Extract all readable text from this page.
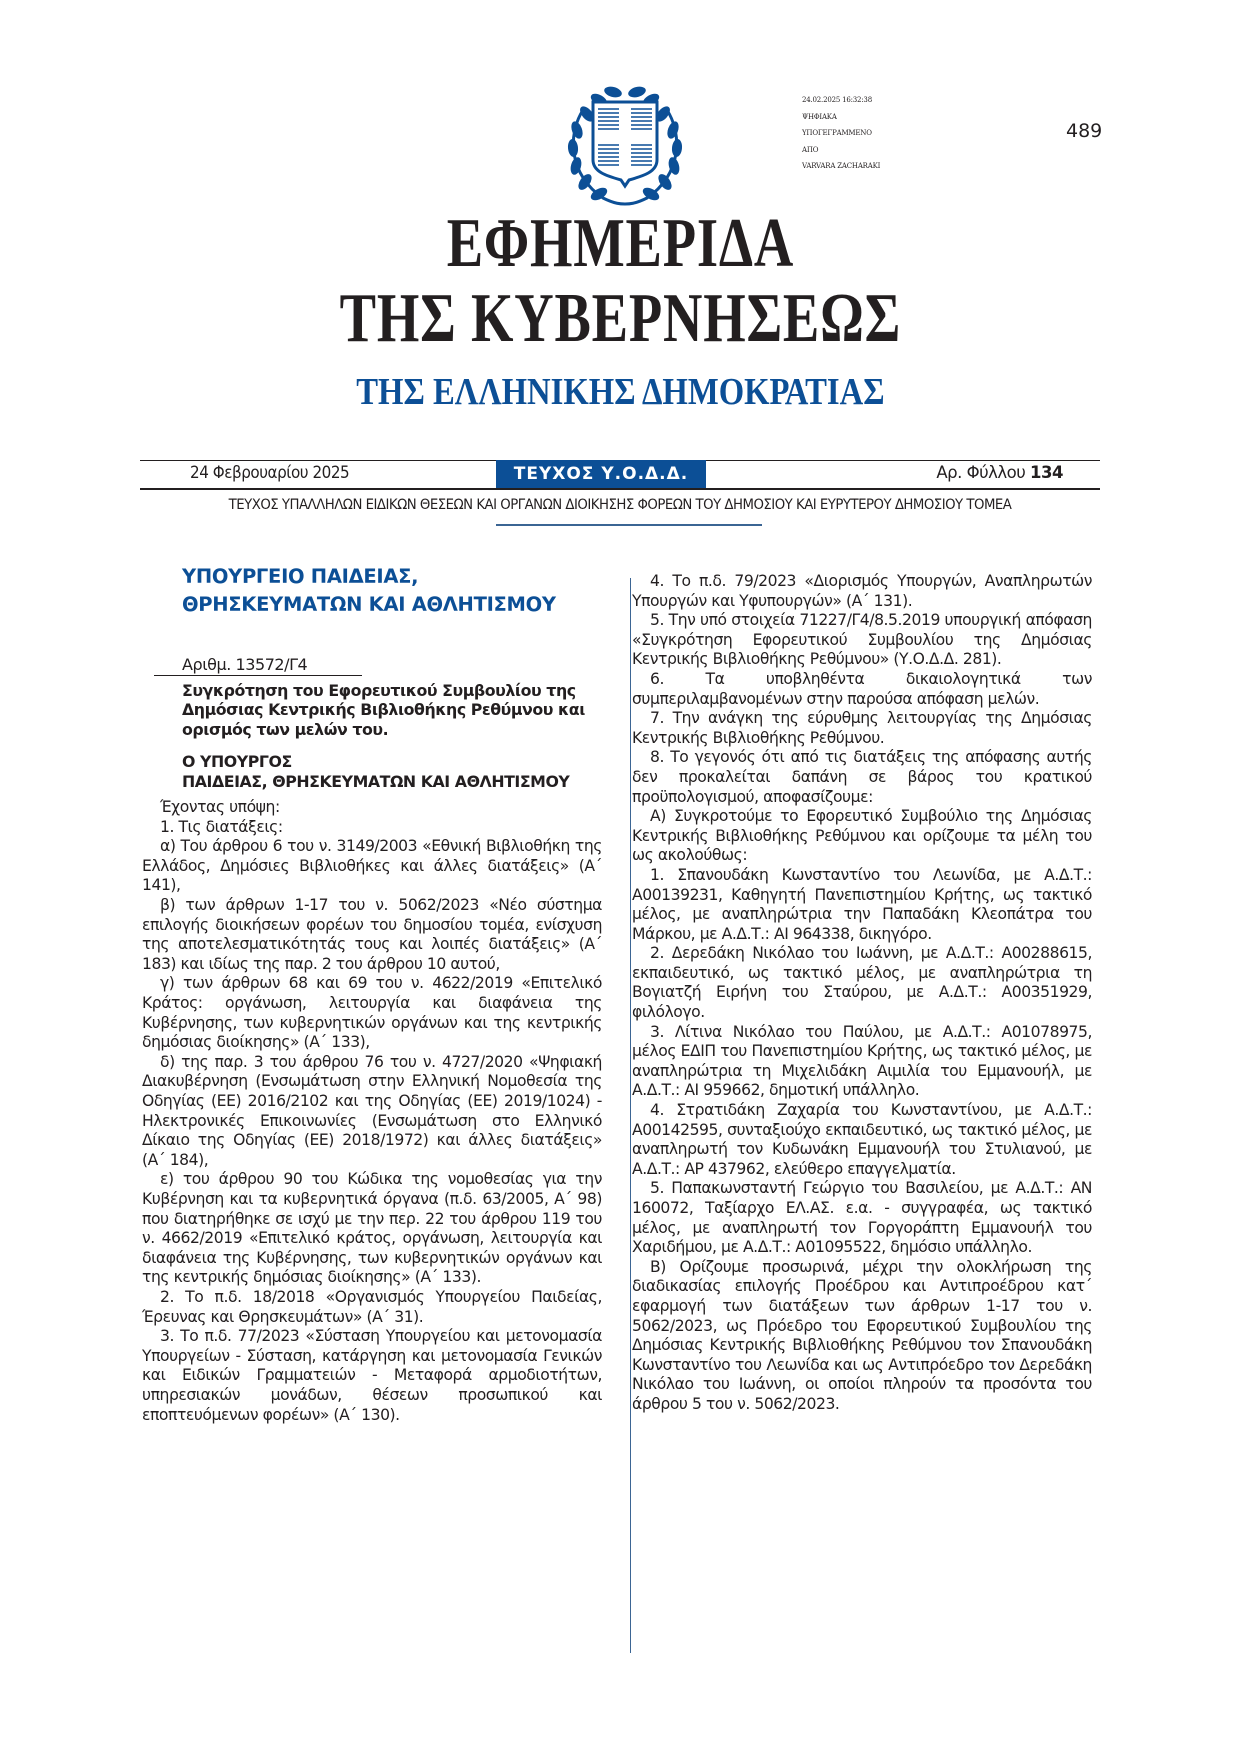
24.02.2025 16:32:38
ΨΗΦΙΑΚΑ
ΥΠΟΓΕΓΡΑΜΜΕΝΟ
ΑΠΟ
VARVARA ZACHARAKI
489
ΕΦΗΜΕΡΙΔΑ
ΤΗΣ ΚΥΒΕΡΝΗΣΕΩΣ
ΤΗΣ ΕΛΛΗΝΙΚΗΣ ΔΗΜΟΚΡΑΤΙΑΣ
24 Φεβρουαρίου 2025	ΤΕΥΧΟΣ Υ.Ο.Δ.Δ.	Αρ. Φύλλου 134
ΤΕΥΧΟΣ ΥΠΑΛΛΗΛΩΝ ΕΙΔΙΚΩΝ ΘΕΣΕΩΝ ΚΑΙ ΟΡΓΑΝΩΝ ΔΙΟΙΚΗΣΗΣ ΦΟΡΕΩΝ ΤΟΥ ΔΗΜΟΣΙΟΥ ΚΑΙ ΕΥΡΥΤΕΡΟΥ ΔΗΜΟΣΙΟΥ ΤΟΜΕΑ
ΥΠΟΥΡΓΕΙΟ ΠΑΙΔΕΙΑΣ,
ΘΡΗΣΚΕΥΜΑΤΩΝ ΚΑΙ ΑΘΛΗΤΙΣΜΟΥ
Αριθμ. 13572/Γ4
Συγκρότηση του Εφορευτικού Συμβουλίου της Δημόσιας Κεντρικής Βιβλιοθήκης Ρεθύμνου και ορισμός των μελών του.
Ο ΥΠΟΥΡΓΟΣ
ΠΑΙΔΕΙΑΣ, ΘΡΗΣΚΕΥΜΑΤΩΝ ΚΑΙ ΑΘΛΗΤΙΣΜΟΥ
Έχοντας υπόψη:
1. Τις διατάξεις:
α) Του άρθρου 6 του ν. 3149/2003 «Εθνική Βιβλιοθήκη της Ελλάδος, Δημόσιες Βιβλιοθήκες και άλλες διατάξεις» (Α΄ 141),
β) των άρθρων 1-17 του ν. 5062/2023 «Νέο σύστημα επιλογής διοικήσεων φορέων του δημοσίου τομέα, ενίσχυση της αποτελεσματικότητάς τους και λοιπές διατάξεις» (Α΄ 183) και ιδίως της παρ. 2 του άρθρου 10 αυτού,
γ) των άρθρων 68 και 69 του ν. 4622/2019 «Επιτελικό Κράτος: οργάνωση, λειτουργία και διαφάνεια της Κυβέρνησης, των κυβερνητικών οργάνων και της κεντρικής δημόσιας διοίκησης» (Α΄ 133),
δ) της παρ. 3 του άρθρου 76 του ν. 4727/2020 «Ψηφιακή Διακυβέρνηση (Ενσωμάτωση στην Ελληνική Νομοθεσία της Οδηγίας (ΕΕ) 2016/2102 και της Οδηγίας (ΕΕ) 2019/1024) - Ηλεκτρονικές Επικοινωνίες (Ενσωμάτωση στο Ελληνικό Δίκαιο της Οδηγίας (ΕΕ) 2018/1972) και άλλες διατάξεις» (Α΄ 184),
ε) του άρθρου 90 του Κώδικα της νομοθεσίας για την Κυβέρνηση και τα κυβερνητικά όργανα (π.δ. 63/2005, Α΄ 98) που διατηρήθηκε σε ισχύ με την περ. 22 του άρθρου 119 του ν. 4662/2019 «Επιτελικό κράτος, οργάνωση, λειτουργία και διαφάνεια της Κυβέρνησης, των κυβερνητικών οργάνων και της κεντρικής δημόσιας διοίκησης» (Α΄ 133).
2. Το π.δ. 18/2018 «Οργανισμός Υπουργείου Παιδείας, Έρευνας και Θρησκευμάτων» (Α΄ 31).
3. Το π.δ. 77/2023 «Σύσταση Υπουργείου και μετονομασία Υπουργείων - Σύσταση, κατάργηση και μετονομασία Γενικών και Ειδικών Γραμματειών - Μεταφορά αρμοδιοτήτων, υπηρεσιακών μονάδων, θέσεων προσωπικού και εποπτευόμενων φορέων» (Α΄ 130).
4. Το π.δ. 79/2023 «Διορισμός Υπουργών, Αναπληρωτών Υπουργών και Υφυπουργών» (Α΄ 131).
5. Την υπό στοιχεία 71227/Γ4/8.5.2019 υπουργική απόφαση «Συγκρότηση Εφορευτικού Συμβουλίου της Δημόσιας Κεντρικής Βιβλιοθήκης Ρεθύμνου» (Υ.Ο.Δ.Δ. 281).
6. Τα υποβληθέντα δικαιολογητικά των συμπεριλαμβανομένων στην παρούσα απόφαση μελών.
7. Την ανάγκη της εύρυθμης λειτουργίας της Δημόσιας Κεντρικής Βιβλιοθήκης Ρεθύμνου.
8. Το γεγονός ότι από τις διατάξεις της απόφασης αυτής δεν προκαλείται δαπάνη σε βάρος του κρατικού προϋπολογισμού, αποφασίζουμε:
Α) Συγκροτούμε το Εφορευτικό Συμβούλιο της Δημόσιας Κεντρικής Βιβλιοθήκης Ρεθύμνου και ορίζουμε τα μέλη του ως ακολούθως:
1. Σπανουδάκη Κωνσταντίνο του Λεωνίδα, με Α.Δ.Τ.: Α00139231, Καθηγητή Πανεπιστημίου Κρήτης, ως τακτικό μέλος, με αναπληρώτρια την Παπαδάκη Κλεοπάτρα του Μάρκου, με Α.Δ.Τ.: ΑΙ 964338, δικηγόρο.
2. Δερεδάκη Νικόλαο του Ιωάννη, με Α.Δ.Τ.: Α00288615, εκπαιδευτικό, ως τακτικό μέλος, με αναπληρώτρια τη Βογιατζή Ειρήνη του Σταύρου, με Α.Δ.Τ.: Α00351929, φιλόλογο.
3. Λίτινα Νικόλαο του Παύλου, με Α.Δ.Τ.: Α01078975, μέλος ΕΔΙΠ του Πανεπιστημίου Κρήτης, ως τακτικό μέλος, με αναπληρώτρια τη Μιχελιδάκη Αιμιλία του Εμμανουήλ, με Α.Δ.Τ.: ΑΙ 959662, δημοτική υπάλληλο.
4. Στρατιδάκη Ζαχαρία του Κωνσταντίνου, με Α.Δ.Τ.: Α00142595, συνταξιούχο εκπαιδευτικό, ως τακτικό μέλος, με αναπληρωτή τον Κυδωνάκη Εμμανουήλ του Στυλιανού, με Α.Δ.Τ.: ΑΡ 437962, ελεύθερο επαγγελματία.
5. Παπακωνσταντή Γεώργιο του Βασιλείου, με Α.Δ.Τ.: ΑΝ 160072, Ταξίαρχο ΕΛ.ΑΣ. ε.α. - συγγραφέα, ως τακτικό μέλος, με αναπληρωτή τον Γοργοράπτη Εμμανουήλ του Χαριδήμου, με Α.Δ.Τ.: Α01095522, δημόσιο υπάλληλο.
Β) Ορίζουμε προσωρινά, μέχρι την ολοκλήρωση της διαδικασίας επιλογής Προέδρου και Αντιπροέδρου κατ΄ εφαρμογή των διατάξεων των άρθρων 1-17 του ν. 5062/2023, ως Πρόεδρο του Εφορευτικού Συμβουλίου της Δημόσιας Κεντρικής Βιβλιοθήκης Ρεθύμνου τον Σπανουδάκη Κωνσταντίνο του Λεωνίδα και ως Αντιπρόεδρο τον Δερεδάκη Νικόλαο του Ιωάννη, οι οποίοι πληρούν τα προσόντα του άρθρου 5 του ν. 5062/2023.
